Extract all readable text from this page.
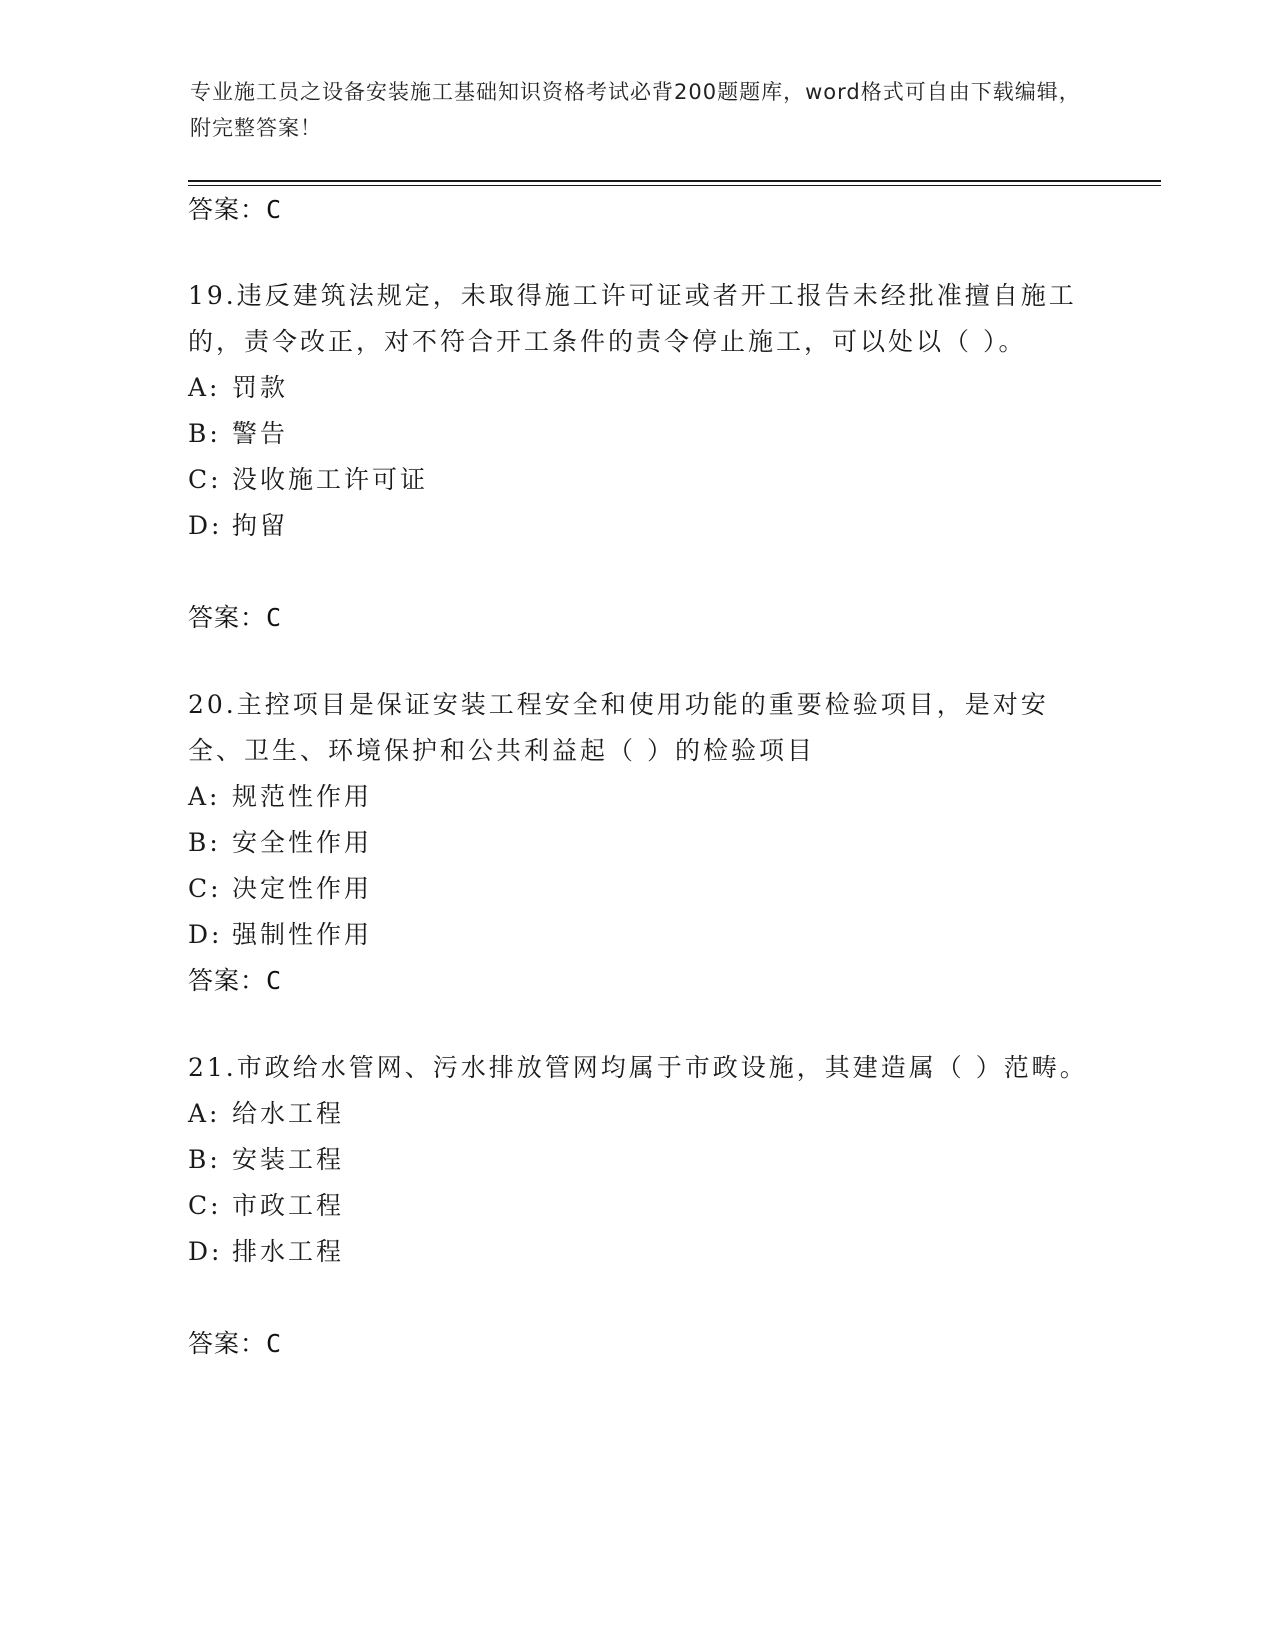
专业施工员之设备安装施工基础知识资格考试必背200题题库，word格式可自由下载编辑，附完整答案！
答案：C

19.违反建筑法规定，未取得施工许可证或者开工报告未经批准擅自施工的，责令改正，对不符合开工条件的责令停止施工，可以处以（ ）。

A: 罚款
B: 警告
C: 没收施工许可证
D: 拘留
答案：C

20.主控项目是保证安装工程安全和使用功能的重要检验项目，是对安全、卫生、环境保护和公共利益起（ ）的检验项目

A: 规范性作用
B: 安全性作用
C: 决定性作用
D: 强制性作用
答案：C

21.市政给水管网、污水排放管网均属于市政设施，其建造属（ ）范畴。

A: 给水工程
B: 安装工程
C: 市政工程
D: 排水工程
答案：C
